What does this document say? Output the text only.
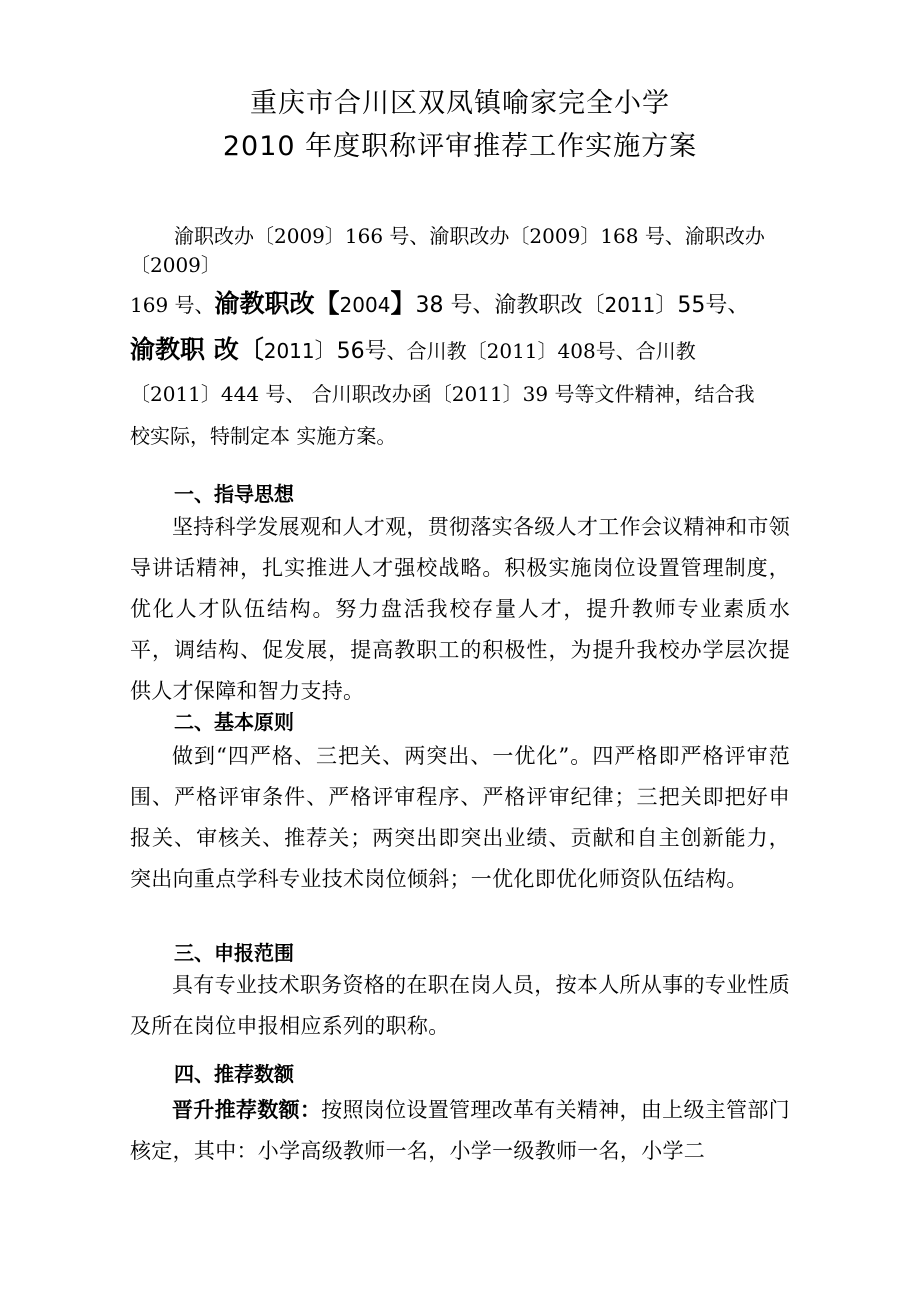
重庆市合川区双凤镇喻家完全小学
2010 年度职称评审推荐工作实施方案
渝职改办〔2009〕166 号、渝职改办〔2009〕168 号、渝职改办
〔2009〕
169 号、渝教职改【2004】38 号、渝教职改〔2011〕55号、
渝教职 改〔2011〕56号、合川教〔2011〕408号、合川教
〔2011〕444 号、 合川职改办函〔2011〕39 号等文件精神，结合我
校实际，特制定本 实施方案。
一、指导思想
坚持科学发展观和人才观，贯彻落实各级人才工作会议精神和市领导讲话精神，扎实推进人才强校战略。积极实施岗位设置管理制度，优化人才队伍结构。努力盘活我校存量人才，提升教师专业素质水平，调结构、促发展，提高教职工的积极性，为提升我校办学层次提供人才保障和智力支持。
二、基本原则
做到“四严格、三把关、两突出、一优化”。四严格即严格评审范围、严格评审条件、严格评审程序、严格评审纪律；三把关即把好申报关、审核关、推荐关；两突出即突出业绩、贡献和自主创新能力，突出向重点学科专业技术岗位倾斜；一优化即优化师资队伍结构。
三、申报范围
具有专业技术职务资格的在职在岗人员，按本人所从事的专业性质及所在岗位申报相应系列的职称。
四、推荐数额
晋升推荐数额：按照岗位设置管理改革有关精神，由上级主管部门核定，其中：小学高级教师一名，小学一级教师一名，小学二
